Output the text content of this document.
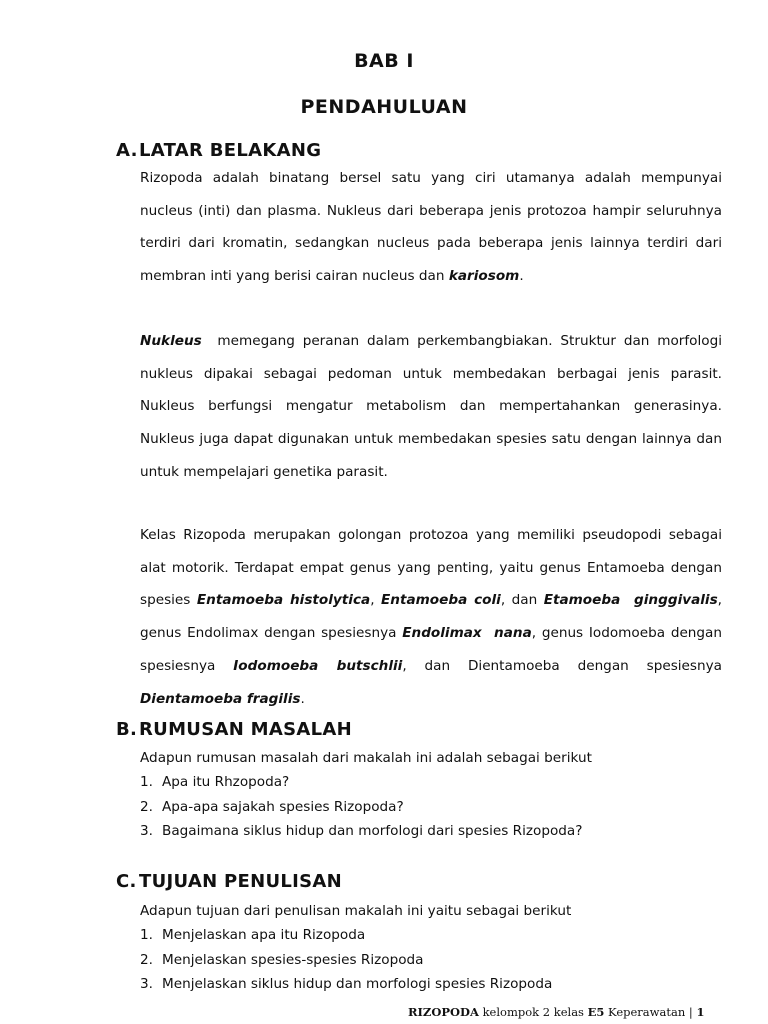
BAB I
PENDAHULUAN
A.LATAR BELAKANG
Rizopoda adalah binatang bersel satu yang ciri utamanya adalah mempunyai nucleus (inti) dan plasma. Nukleus dari beberapa jenis protozoa hampir seluruhnya terdiri dari kromatin, sedangkan nucleus pada beberapa jenis lainnya terdiri dari membran inti yang berisi cairan nucleus dan kariosom.
Nukleus  memegang peranan dalam perkembangbiakan. Struktur dan morfologi nukleus dipakai sebagai pedoman untuk membedakan berbagai jenis parasit. Nukleus berfungsi mengatur metabolism dan mempertahankan generasinya. Nukleus juga dapat digunakan untuk membedakan spesies satu dengan lainnya dan untuk mempelajari genetika parasit.
Kelas Rizopoda merupakan golongan protozoa yang memiliki pseudopodi sebagai alat motorik. Terdapat empat genus yang penting, yaitu genus Entamoeba dengan spesies Entamoeba histolytica, Entamoeba coli, dan Etamoeba  ginggivalis, genus Endolimax dengan spesiesnya Endolimax  nana, genus Iodomoeba dengan spesiesnya Iodomoeba butschlii, dan Dientamoeba dengan spesiesnya Dientamoeba fragilis.
B. RUMUSAN MASALAH
Adapun rumusan masalah dari makalah ini adalah sebagai berikut
1. Apa itu Rhzopoda?
2. Apa-apa sajakah spesies Rizopoda?
3. Bagaimana siklus hidup dan morfologi dari spesies Rizopoda?
C. TUJUAN PENULISAN
Adapun tujuan dari penulisan makalah ini yaitu sebagai berikut
1. Menjelaskan apa itu Rizopoda
2. Menjelaskan spesies-spesies Rizopoda
3. Menjelaskan siklus hidup dan morfologi spesies Rizopoda
RIZOPODA kelompok 2 kelas E5 Keperawatan | 1
